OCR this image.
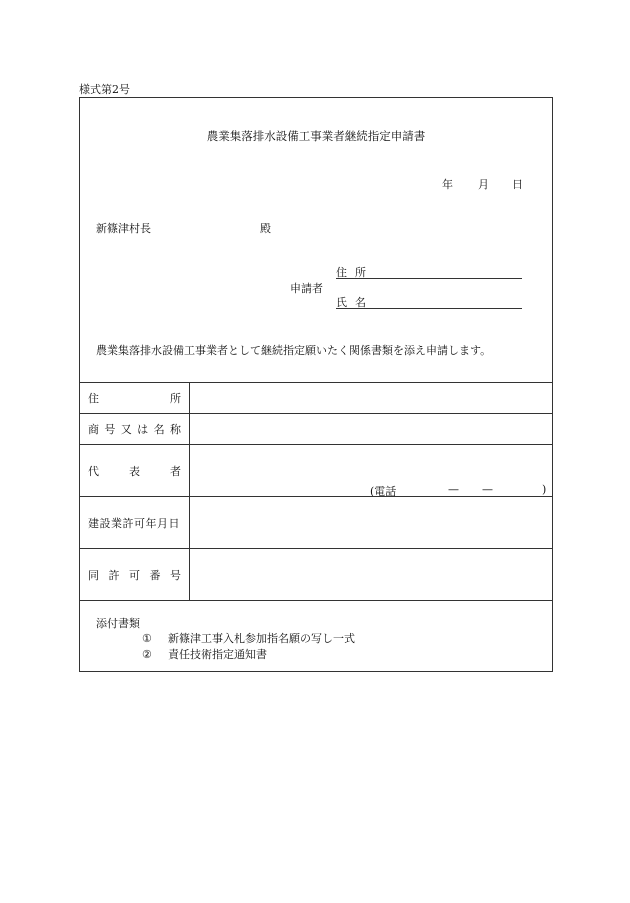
様式第2号
農業集落排水設備工事業者継続指定申請書
年 月 日
新篠津村長	殿
住所
申請者
氏名
農業集落排水設備工事業者として継続指定願いたく関係書類を添え申請します。
住	所
商 号 又 は 名 称
代	表	者
(電話	— —	)
建設業許可年月日
同 許 可 番 号
添付書類
① 新篠津工事入札参加指名願の写し一式
② 責任技術指定通知書
